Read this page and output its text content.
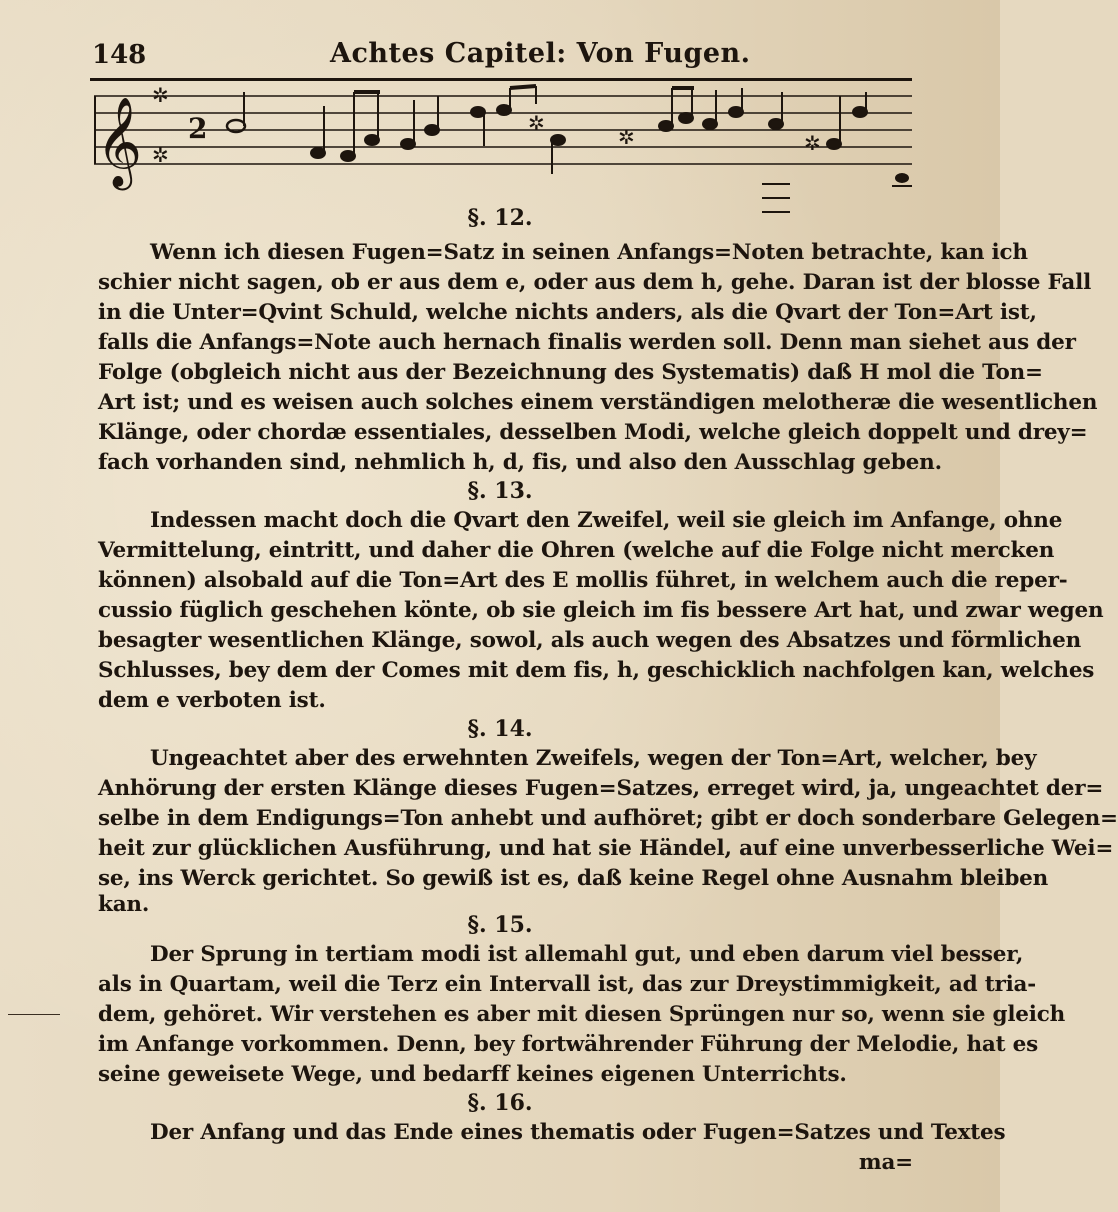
148	Achtes Capitel: Von Fugen.
𝄞 2
✲
✲
✲
✲	✲
§. 12.
Wenn ich diesen Fugen=Satz in seinen Anfangs=Noten betrachte, kan ich
schier nicht sagen, ob er aus dem e, oder aus dem h, gehe. Daran ist der blosse Fall
in die Unter=Qvint Schuld, welche nichts anders, als die Qvart der Ton=Art ist,
falls die Anfangs=Note auch hernach finalis werden soll. Denn man siehet aus der
Folge (obgleich nicht aus der Bezeichnung des Systematis) daß H mol die Ton=
Art ist; und es weisen auch solches einem verständigen melotheræ die wesentlichen
Klänge, oder chordæ essentiales, desselben Modi, welche gleich doppelt und drey=
fach vorhanden sind, nehmlich h, d, fis, und also den Ausschlag geben.
§. 13.
Indessen macht doch die Qvart den Zweifel, weil sie gleich im Anfange, ohne
Vermittelung, eintritt, und daher die Ohren (welche auf die Folge nicht mercken
können) alsobald auf die Ton=Art des E mollis führet, in welchem auch die reper-
cussio füglich geschehen könte, ob sie gleich im fis bessere Art hat, und zwar wegen
besagter wesentlichen Klänge, sowol, als auch wegen des Absatzes und förmlichen
Schlusses, bey dem der Comes mit dem fis, h, geschicklich nachfolgen kan, welches
dem e verboten ist.
§. 14.
Ungeachtet aber des erwehnten Zweifels, wegen der Ton=Art, welcher, bey
Anhörung der ersten Klänge dieses Fugen=Satzes, erreget wird, ja, ungeachtet der=
selbe in dem Endigungs=Ton anhebt und aufhöret; gibt er doch sonderbare Gelegen=
heit zur glücklichen Ausführung, und hat sie Händel, auf eine unverbesserliche Wei=
se, ins Werck gerichtet. So gewiß ist es, daß keine Regel ohne Ausnahm bleiben
kan.
§. 15.
Der Sprung in tertiam modi ist allemahl gut, und eben darum viel besser,
als in Quartam, weil die Terz ein Intervall ist, das zur Dreystimmigkeit, ad triа-
dem, gehöret. Wir verstehen es aber mit diesen Sprüngen nur so, wenn sie gleich
im Anfange vorkommen. Denn, bey fortwährender Führung der Melodie, hat es
seine geweisete Wege, und bedarff keines eigenen Unterrichts.
§. 16.
Der Anfang und das Ende eines thematis oder Fugen=Satzes und Textes
ma=
